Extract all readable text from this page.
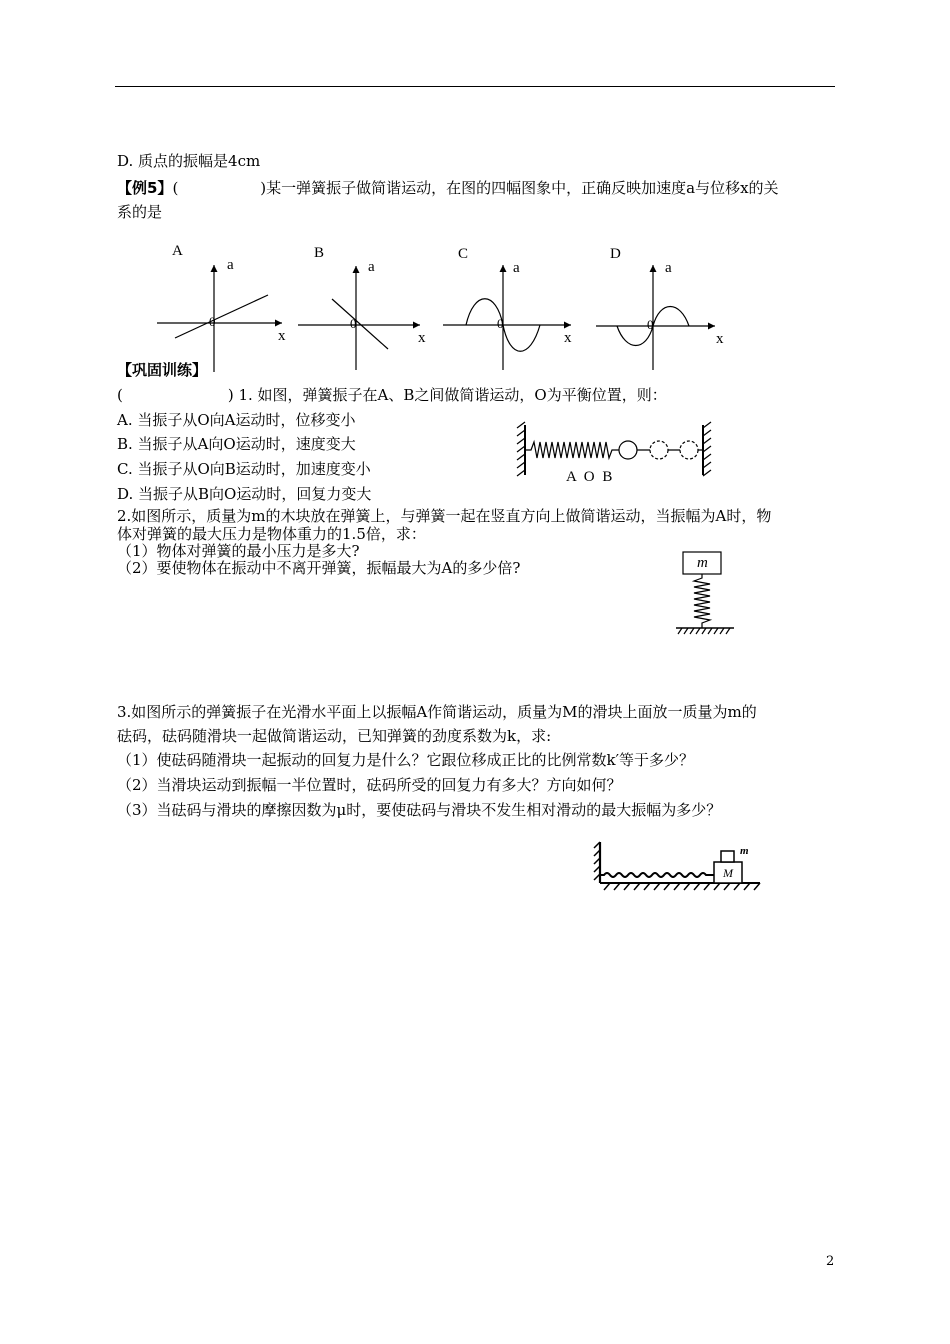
D. 质点的振幅是4cm
【例5】(	)某一弹簧振子做简谐运动，在图的四幅图象中，正确反映加速度a与位移x的关
系的是
A	B	C	D
a
x
0
a
x
0
a
x
0
a
x
0
【巩固训练】
(　　　　　　　) 1. 如图，弹簧振子在A、B之间做简谐运动，O为平衡位置，则：
A. 当振子从O向A运动时，位移变小
B. 当振子从A向O运动时，速度变大
C. 当振子从O向B运动时，加速度变小
D. 当振子从B向O运动时，回复力变大
A O B
2.如图所示，质量为m的木块放在弹簧上，与弹簧一起在竖直方向上做简谐运动，当振幅为A时，物
体对弹簧的最大压力是物体重力的1.5倍，求：
（1）物体对弹簧的最小压力是多大?
（2）要使物体在振动中不离开弹簧，振幅最大为A的多少倍?	m
3.如图所示的弹簧振子在光滑水平面上以振幅A作简谐运动，质量为M的滑块上面放一质量为m的
砝码，砝码随滑块一起做简谐运动，已知弹簧的劲度系数为k，求:
（1）使砝码随滑块一起振动的回复力是什么？它跟位移成正比的比例常数k′等于多少？
（2）当滑块运动到振幅一半位置时，砝码所受的回复力有多大？方向如何？
（3）当砝码与滑块的摩擦因数为μ时，要使砝码与滑块不发生相对滑动的最大振幅为多少？
M
m
2
